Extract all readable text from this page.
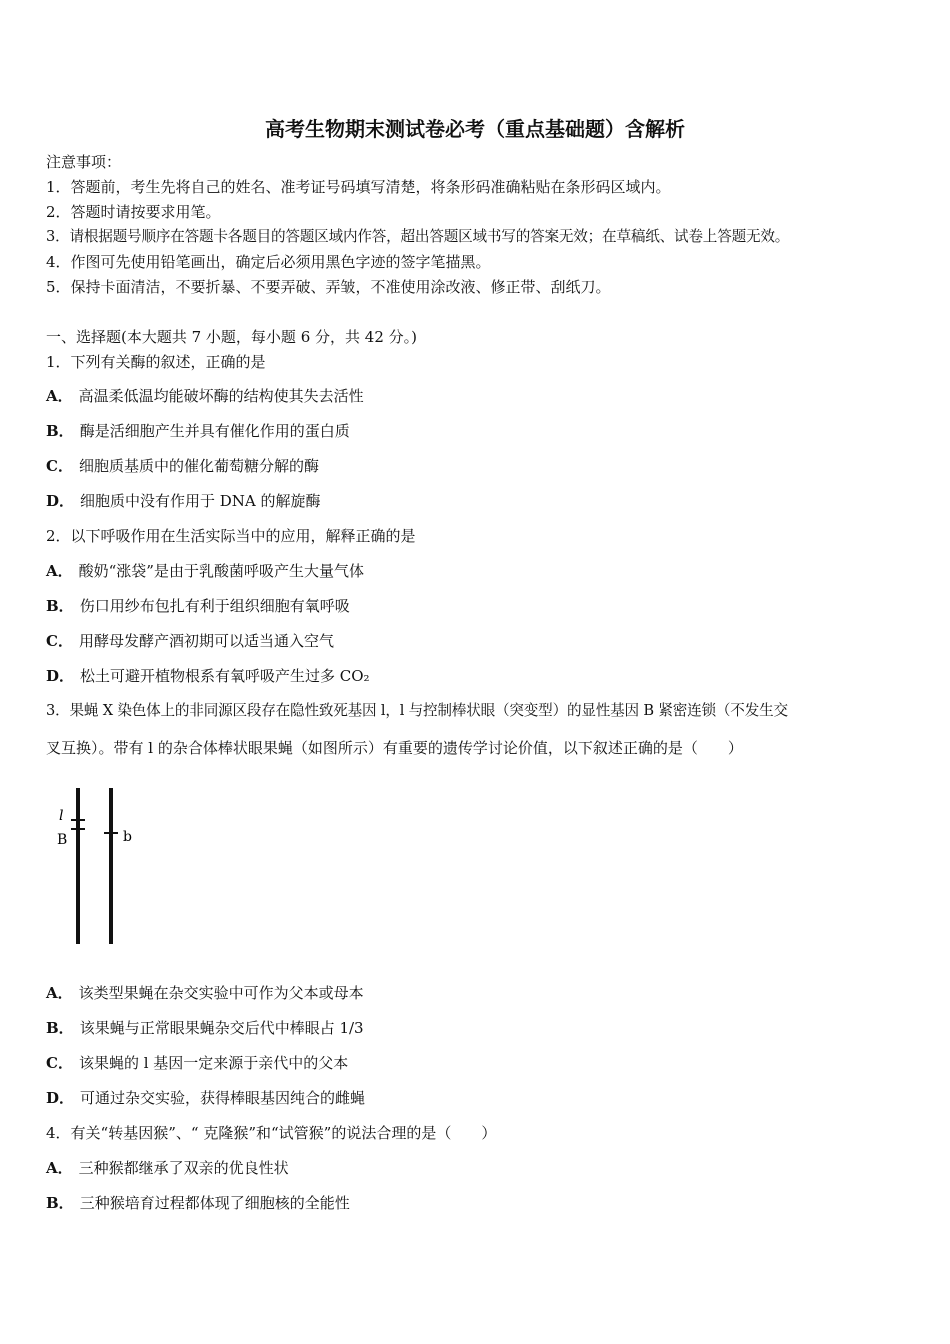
高考生物期末测试卷必考（重点基础题）含解析
注意事项：
1．答题前，考生先将自己的姓名、准考证号码填写清楚，将条形码准确粘贴在条形码区域内。
2．答题时请按要求用笔。
3．请根据题号顺序在答题卡各题目的答题区域内作答，超出答题区域书写的答案无效；在草稿纸、试卷上答题无效。
4．作图可先使用铅笔画出，确定后必须用黑色字迹的签字笔描黑。
5．保持卡面清洁，不要折暴、不要弄破、弄皱，不准使用涂改液、修正带、刮纸刀。
一、选择题(本大题共 7 小题，每小题 6 分，共 42 分。)
1．下列有关酶的叙述，正确的是
A． 高温柔低温均能破坏酶的结构使其失去活性
B． 酶是活细胞产生并具有催化作用的蛋白质
C． 细胞质基质中的催化葡萄糖分解的酶
D． 细胞质中没有作用于 DNA 的解旋酶
2．以下呼吸作用在生活实际当中的应用，解释正确的是
A． 酸奶“涨袋”是由于乳酸菌呼吸产生大量气体
B． 伤口用纱布包扎有利于组织细胞有氧呼吸
C． 用酵母发酵产酒初期可以适当通入空气
D． 松土可避开植物根系有氧呼吸产生过多 CO₂
3．果蝇 X 染色体上的非同源区段存在隐性致死基因 l，l 与控制棒状眼（突变型）的显性基因 B 紧密连锁（不发生交
叉互换）。带有 l 的杂合体棒状眼果蝇（如图所示）有重要的遗传学讨论价值，以下叙述正确的是（　　）
l
B	b
A． 该类型果蝇在杂交实验中可作为父本或母本
B． 该果蝇与正常眼果蝇杂交后代中棒眼占 1/3
C． 该果蝇的 l 基因一定来源于亲代中的父本
D． 可通过杂交实验，获得棒眼基因纯合的雌蝇
4．有关“转基因猴”、“ 克隆猴”和“试管猴”的说法合理的是（　　）
A． 三种猴都继承了双亲的优良性状
B． 三种猴培育过程都体现了细胞核的全能性
